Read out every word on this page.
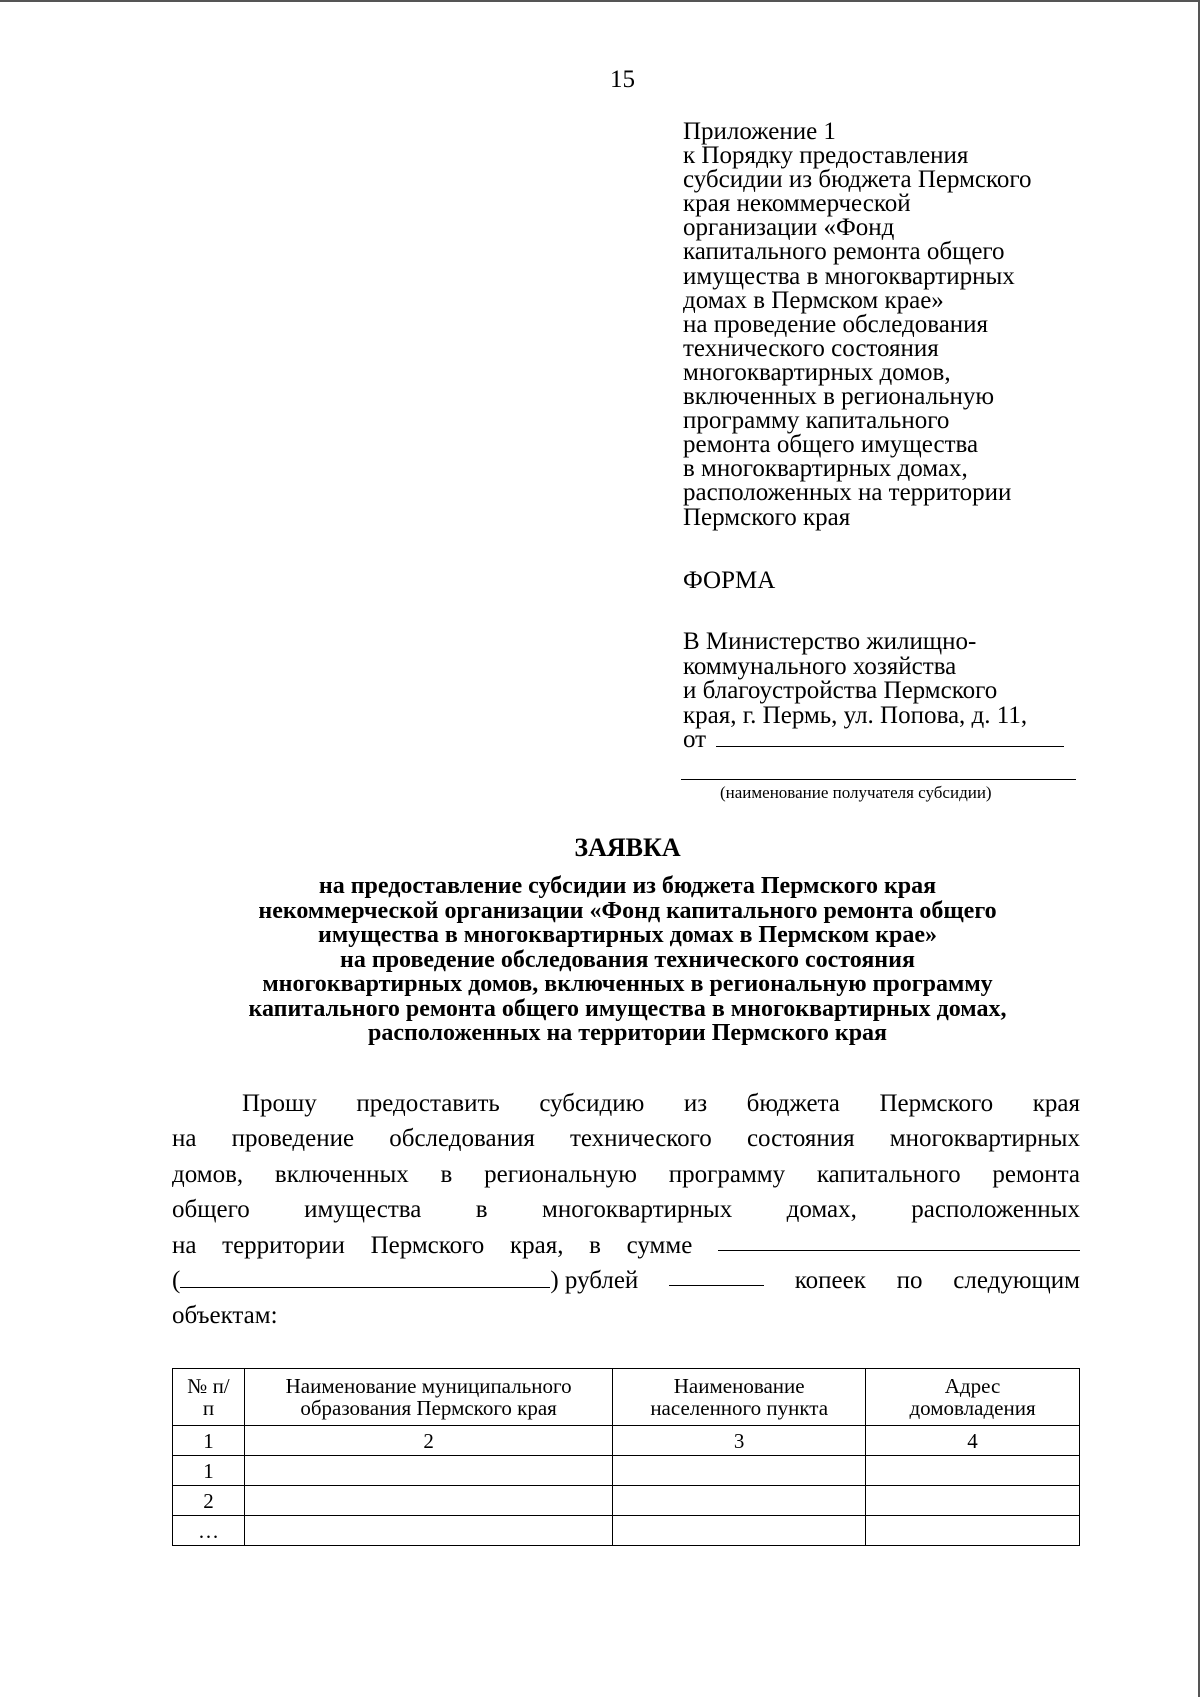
15
Приложение 1
к Порядку предоставления
субсидии из бюджета Пермского
края некоммерческой
организации «Фонд
капитального ремонта общего
имущества в многоквартирных
домах в Пермском крае»
на проведение обследования
технического состояния
многоквартирных домов,
включенных в региональную
программу капитального
ремонта общего имущества
в многоквартирных домах,
расположенных на территории
Пермского края
ФОРМА
В Министерство жилищно-
коммунального хозяйства
и благоустройства Пермского
края, г. Пермь, ул. Попова, д. 11,
от
(наименование получателя субсидии)
ЗАЯВКА
на предоставление субсидии из бюджета Пермского края
некоммерческой организации «Фонд капитального ремонта общего
имущества в многоквартирных домах в Пермском крае»
на проведение обследования технического состояния
многоквартирных домов, включенных в региональную программу
капитального ремонта общего имущества в многоквартирных домах,
расположенных на территории Пермского края
Прошу предоставить субсидию из бюджета Пермского края
на проведение обследования технического состояния многоквартирных
домов, включенных в региональную программу капитального ремонта
общего имущества в многоквартирных домах, расположенных
на территории Пермского края, в сумме
(	) рублей	копеек по следующим
объектам:
№ п/п	Наименование муниципального образования Пермского края	Наименование населенного пункта	Адрес домовладения
1	2	3	4
1			
2			
…			
